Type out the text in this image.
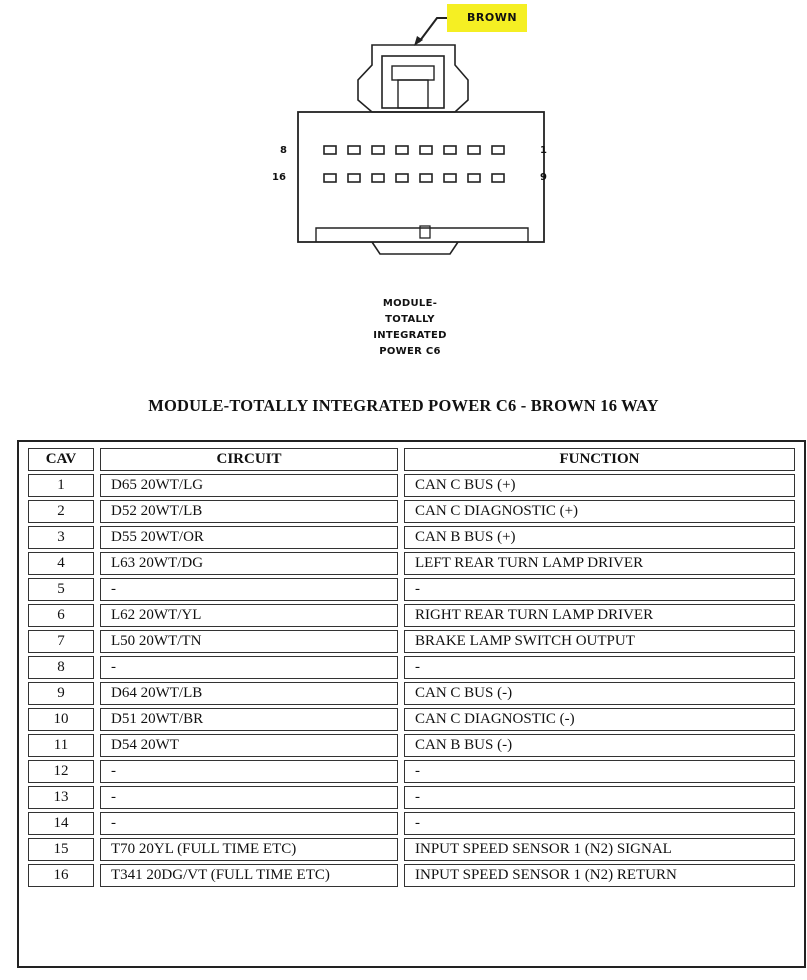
BROWN
8	1
16	9
MODULE-
TOTALLY
INTEGRATED
POWER C6
MODULE-TOTALLY INTEGRATED POWER C6 - BROWN 16 WAY
CAV	CIRCUIT	FUNCTION
1	D65 20WT/LG	CAN C BUS (+)
2	D52 20WT/LB	CAN C DIAGNOSTIC (+)
3	D55 20WT/OR	CAN B BUS (+)
4	L63 20WT/DG	LEFT REAR TURN LAMP DRIVER
5	-	-
6	L62 20WT/YL	RIGHT REAR TURN LAMP DRIVER
7	L50 20WT/TN	BRAKE LAMP SWITCH OUTPUT
8	-	-
9	D64 20WT/LB	CAN C BUS (-)
10	D51 20WT/BR	CAN C DIAGNOSTIC (-)
11	D54 20WT	CAN B BUS (-)
12	-	-
13	-	-
14	-	-
15	T70 20YL (FULL TIME ETC)	INPUT SPEED SENSOR 1 (N2) SIGNAL
16	T341 20DG/VT (FULL TIME ETC)	INPUT SPEED SENSOR 1 (N2) RETURN
